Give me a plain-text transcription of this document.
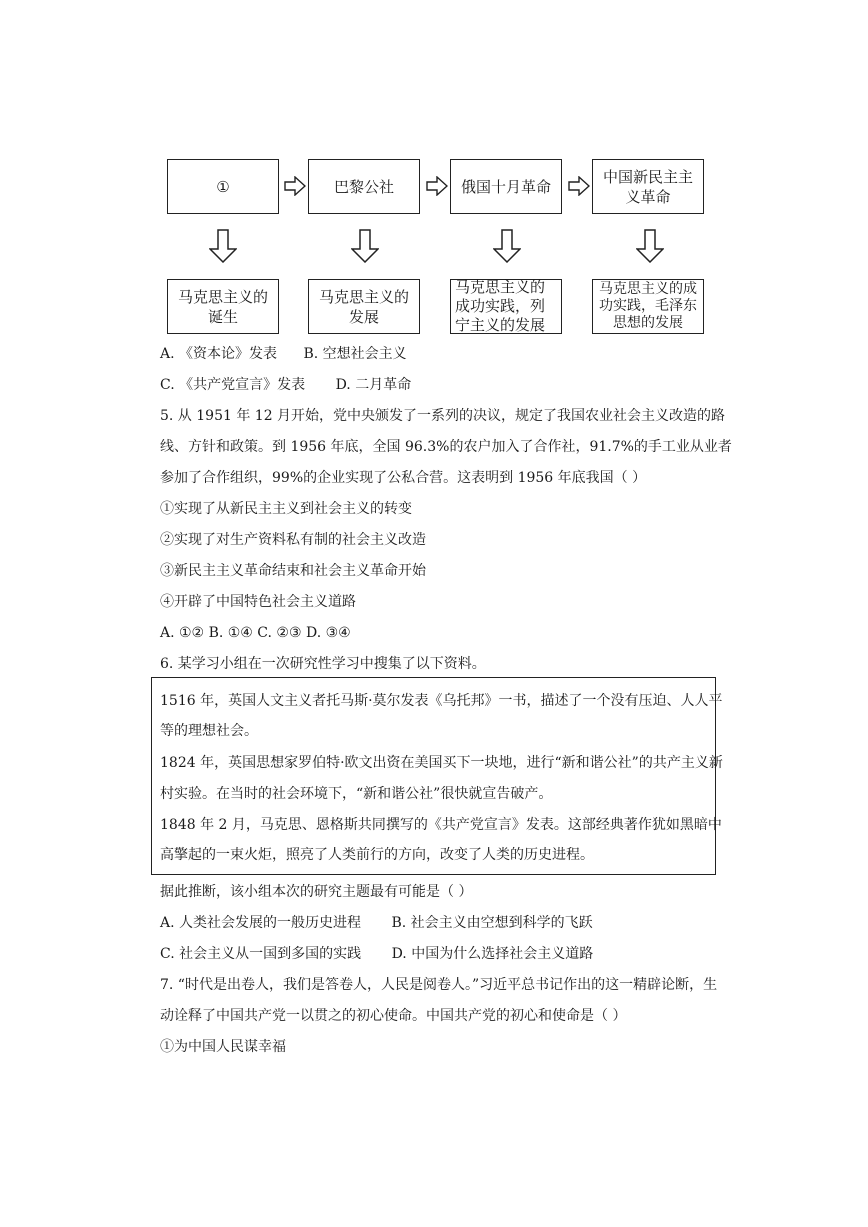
①	巴黎公社	俄国十月革命
中国新民主主
义革命
马克思主义的
诞生
马克思主义的
发展
马克思主义的
成功实践，列
宁主义的发展
马克思主义的成
功实践，毛泽东
思想的发展
A. 《资本论》发表 B. 空想社会主义
C. 《共产党宣言》发表 D. 二月革命
5. 从 1951 年 12 月开始，党中央颁发了一系列的决议，规定了我国农业社会主义改造的路
线、方针和政策。到 1956 年底，全国 96.3%的农户加入了合作社，91.7%的手工业从业者
参加了合作组织，99%的企业实现了公私合营。这表明到 1956 年底我国（ ）
①实现了从新民主主义到社会主义的转变
②实现了对生产资料私有制的社会主义改造
③新民主主义革命结束和社会主义革命开始
④开辟了中国特色社会主义道路
A. ①② B. ①④ C. ②③ D. ③④
6. 某学习小组在一次研究性学习中搜集了以下资料。
1516 年，英国人文主义者托马斯·莫尔发表《乌托邦》一书，描述了一个没有压迫、人人平
等的理想社会。
1824 年，英国思想家罗伯特·欧文出资在美国买下一块地，进行“新和谐公社”的共产主义新
村实验。在当时的社会环境下，“新和谐公社”很快就宣告破产。
1848 年 2 月，马克思、恩格斯共同撰写的《共产党宣言》发表。这部经典著作犹如黑暗中
高擎起的一束火炬，照亮了人类前行的方向，改变了人类的历史进程。
据此推断，该小组本次的研究主题最有可能是（ ）
A. 人类社会发展的一般历史进程 B. 社会主义由空想到科学的飞跃
C. 社会主义从一国到多国的实践 D. 中国为什么选择社会主义道路
7. “时代是出卷人，我们是答卷人，人民是阅卷人。”习近平总书记作出的这一精辟论断，生
动诠释了中国共产党一以贯之的初心使命。中国共产党的初心和使命是（ ）
①为中国人民谋幸福
